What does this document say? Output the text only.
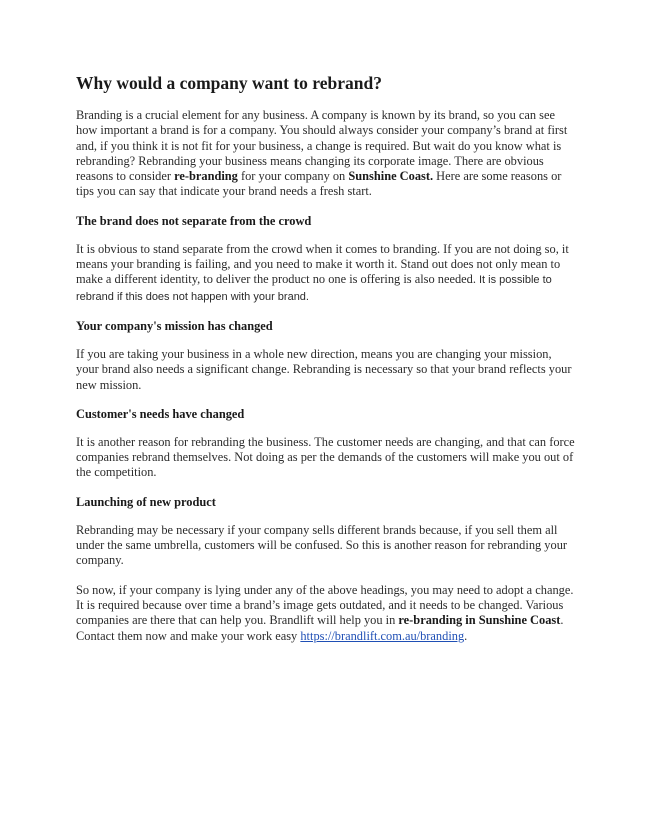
Why would a company want to rebrand?

Branding is a crucial element for any business. A company is known by its brand, so you can see how important a brand is for a company. You should always consider your company’s brand at first and, if you think it is not fit for your business, a change is required. But wait do you know what is rebranding? Rebranding your business means changing its corporate image. There are obvious reasons to consider re-branding for your company on Sunshine Coast. Here are some reasons or tips you can say that indicate your brand needs a fresh start.

The brand does not separate from the crowd

It is obvious to stand separate from the crowd when it comes to branding. If you are not doing so, it means your branding is failing, and you need to make it worth it. Stand out does not only mean to make a different identity, to deliver the product no one is offering is also needed. It is possible to rebrand if this does not happen with your brand.

Your company's mission has changed

If you are taking your business in a whole new direction, means you are changing your mission, your brand also needs a significant change. Rebranding is necessary so that your brand reflects your new mission.

Customer's needs have changed

It is another reason for rebranding the business. The customer needs are changing, and that can force companies rebrand themselves. Not doing as per the demands of the customers will make you out of the competition.

Launching of new product

Rebranding may be necessary if your company sells different brands because, if you sell them all under the same umbrella, customers will be confused. So this is another reason for rebranding your company.

So now, if your company is lying under any of the above headings, you may need to adopt a change. It is required because over time a brand’s image gets outdated, and it needs to be changed. Various companies are there that can help you. Brandlift will help you in re-branding in Sunshine Coast. Contact them now and make your work easy https://brandlift.com.au/branding.
